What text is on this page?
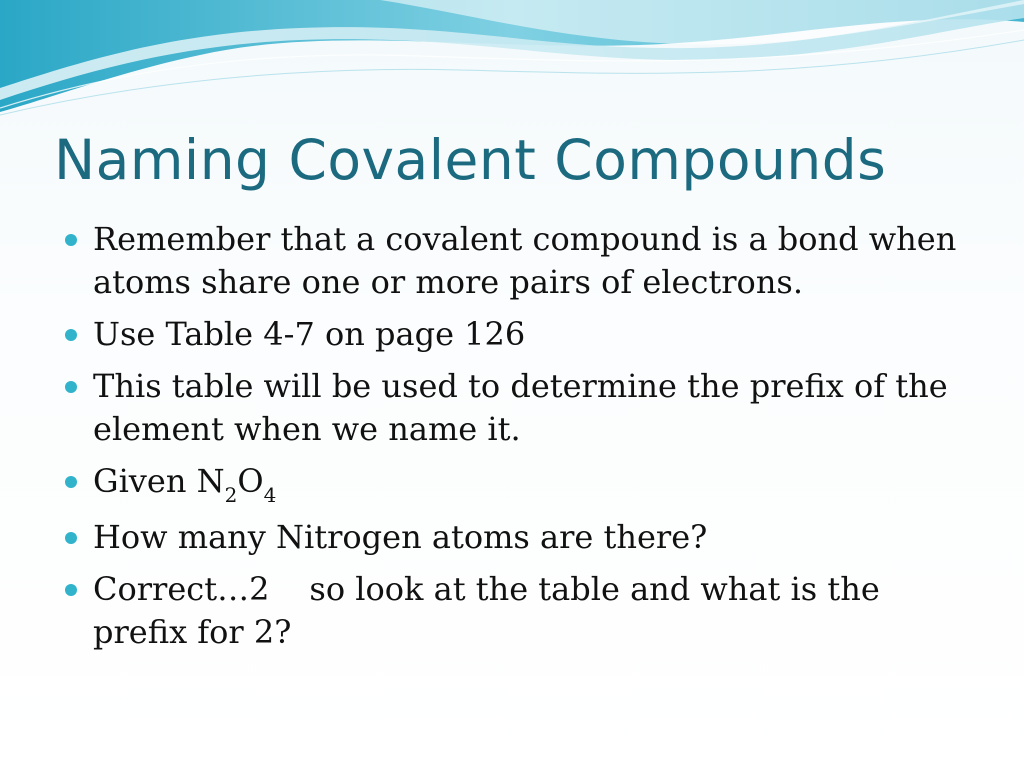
Naming Covalent Compounds
Remember that a covalent compound is a bond when atoms share one or more pairs of electrons.
Use Table 4-7 on page 126
This table will be used to determine the prefix of the element when we name it.
Given N2O4
How many Nitrogen atoms are there?
Correct…2 so look at the table and what is the prefix for 2?
